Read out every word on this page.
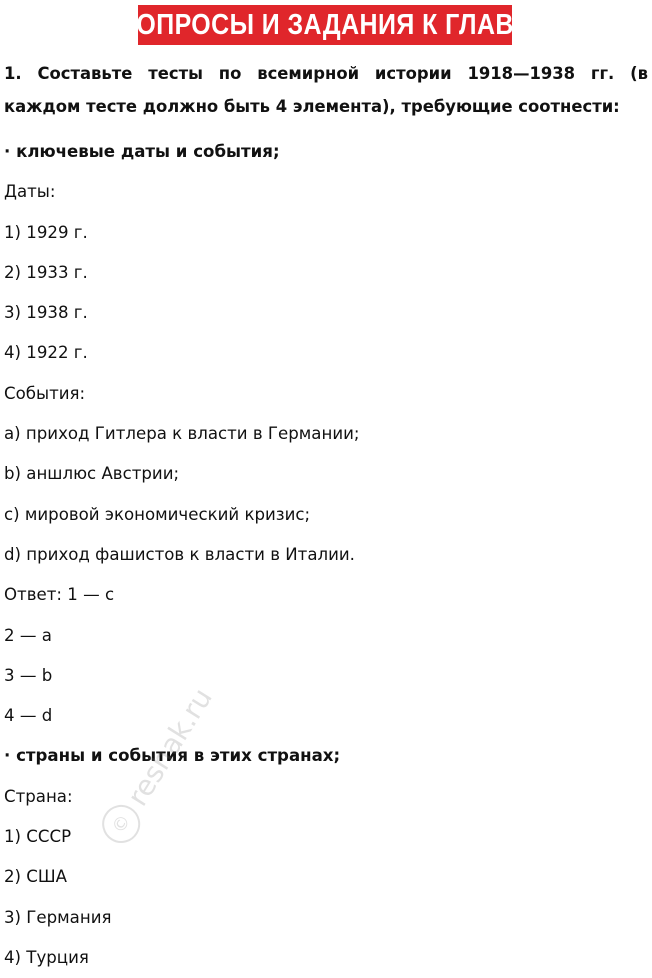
ВОПРОСЫ И ЗАДАНИЯ К ГЛАВЕ
1. Составьте тесты по всемирной истории 1918—1938 гг. (в каждом тесте должно быть 4 элемента), требующие соотнести:
· ключевые даты и события;
Даты:
1) 1929 г.
2) 1933 г.
3) 1938 г.
4) 1922 г.
События:
a) приход Гитлера к власти в Германии;
b) аншлюс Австрии;
c) мировой экономический кризис;
d) приход фашистов к власти в Италии.
Ответ: 1 — c
2 — a
3 — b
4 — d
· страны и события в этих странах;
Страна:
1) СССР
2) США
3) Германия
4) Турция
©
reshak.ru
